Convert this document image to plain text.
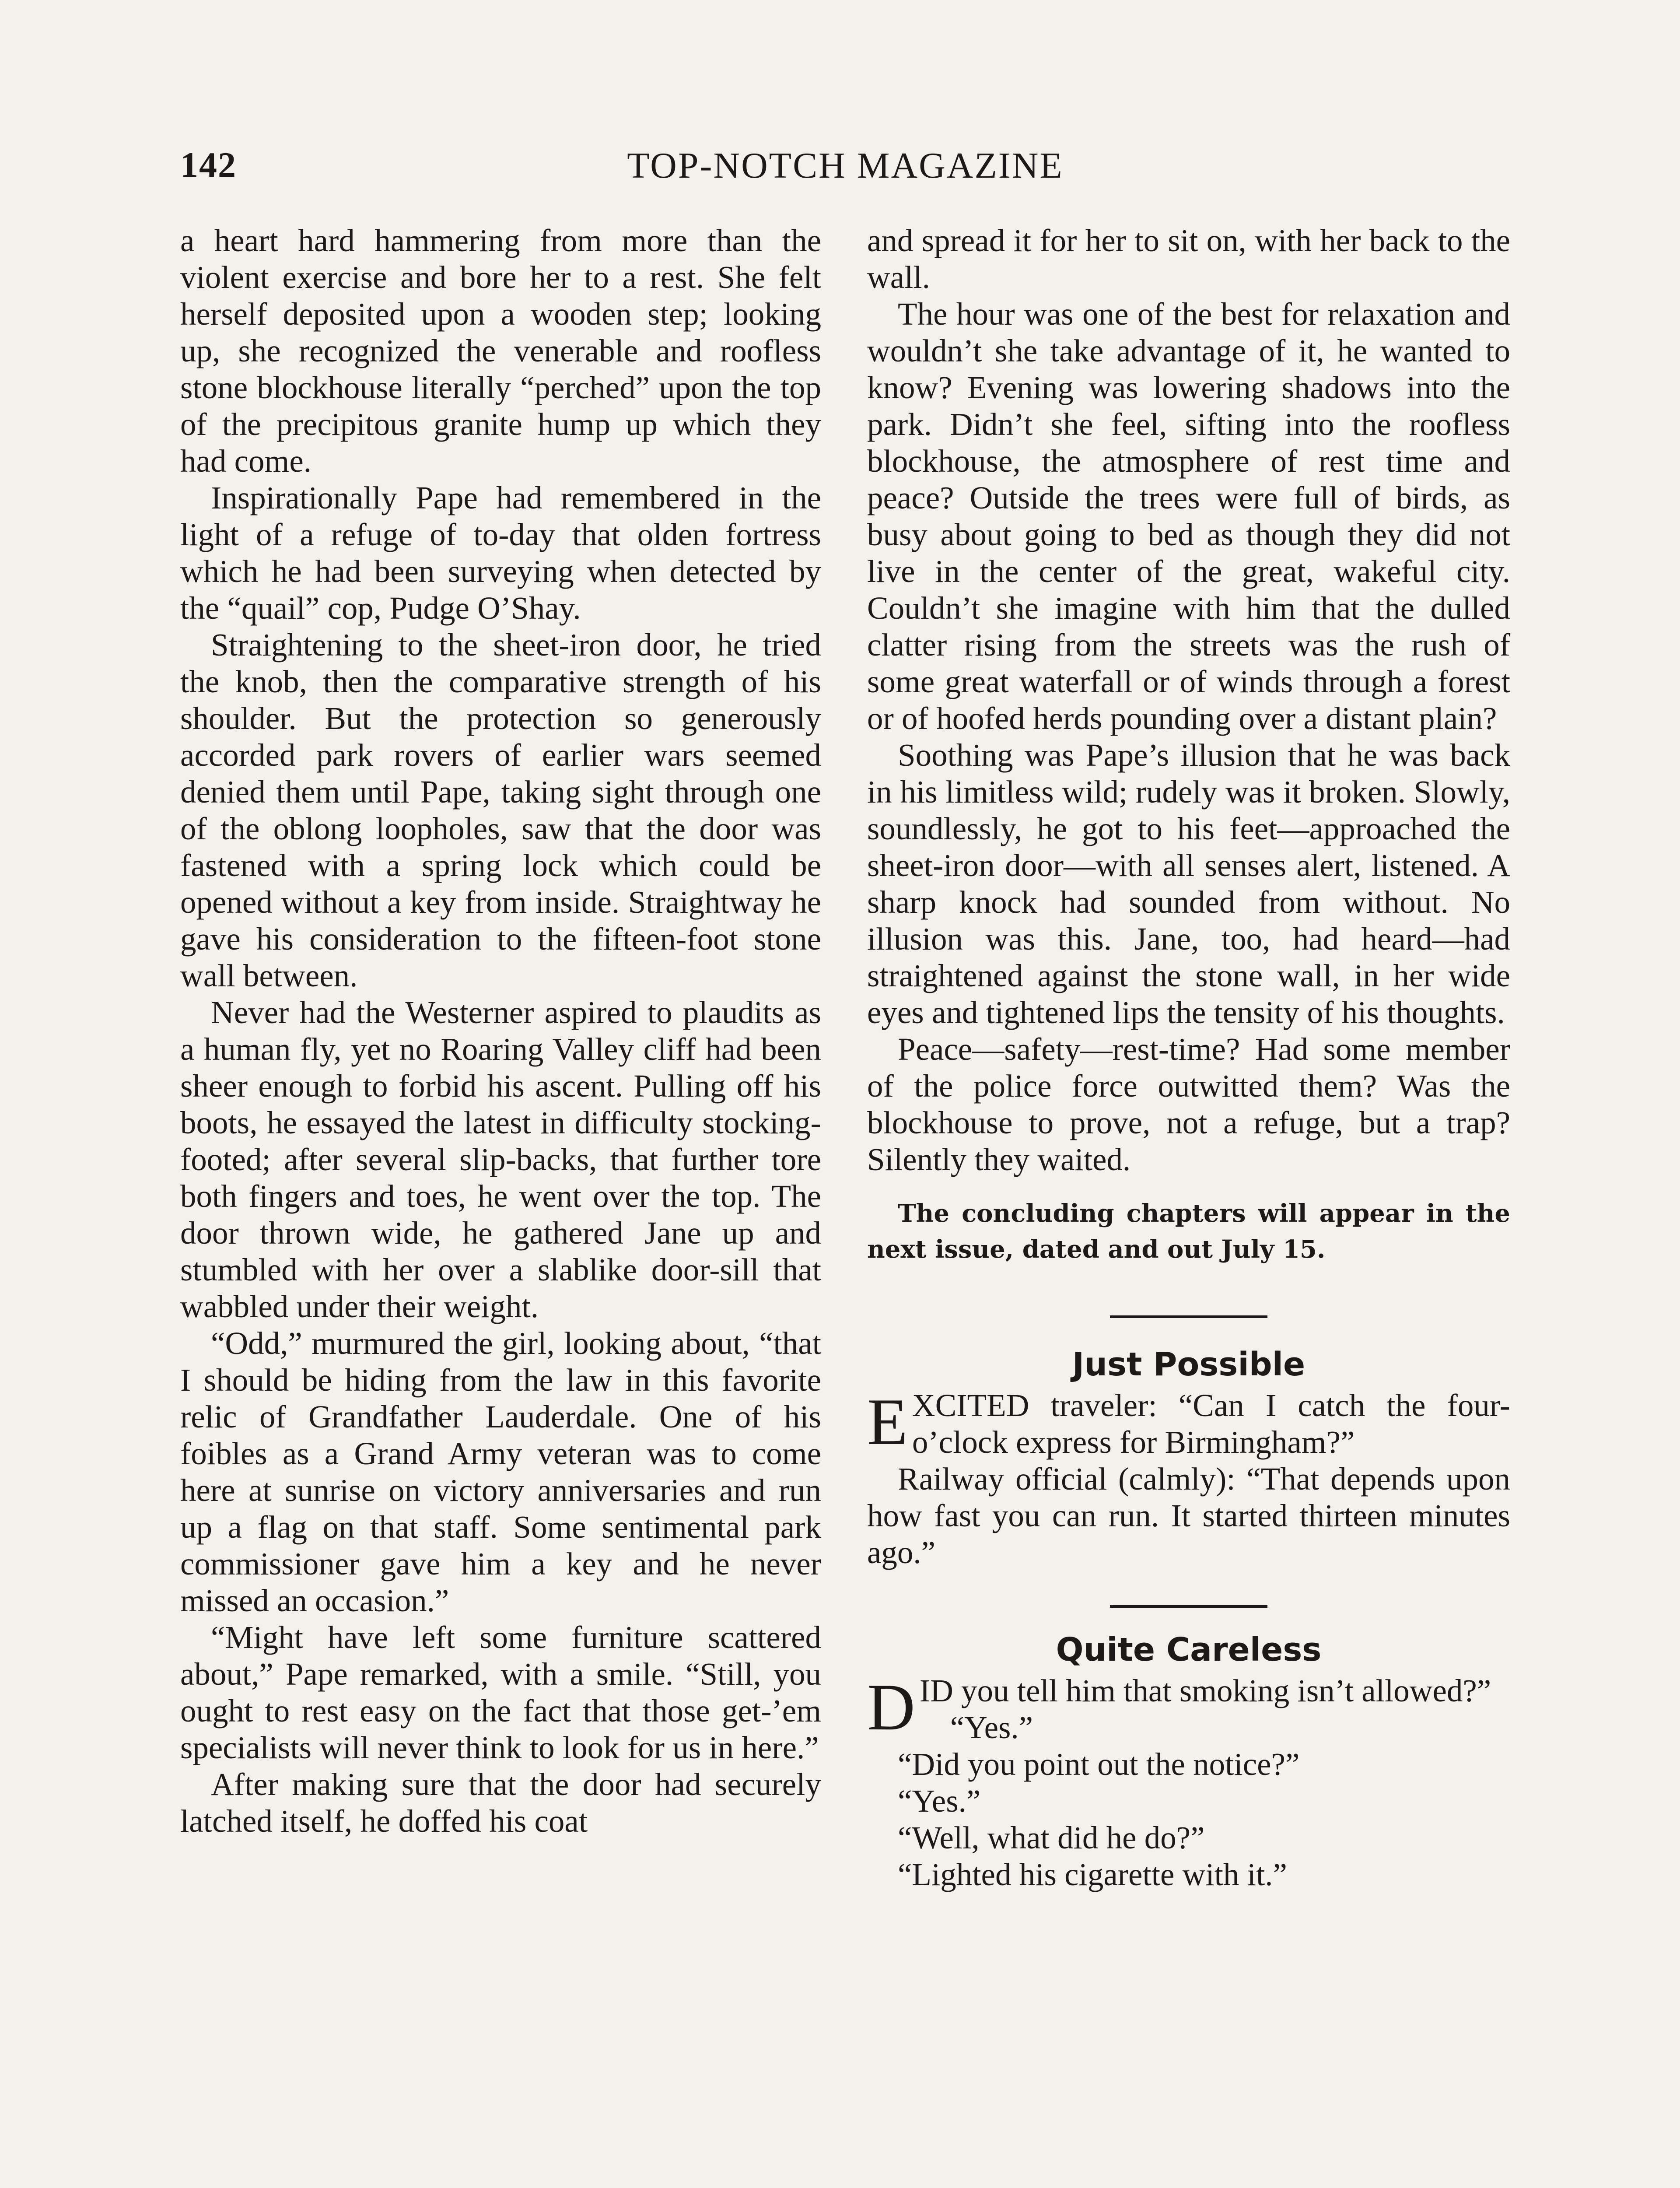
142	TOP-NOTCH MAGAZINE

a heart hard hammering from more than the violent exercise and bore her to a rest. She felt herself deposited upon a wooden step; looking up, she recognized the venerable and roofless stone blockhouse literally “perched” upon the top of the precipitous granite hump up which they had come.

Inspirationally Pape had remembered in the light of a refuge of to-day that olden fortress which he had been surveying when detected by the “quail” cop, Pudge O’Shay.

Straightening to the sheet-iron door, he tried the knob, then the comparative strength of his shoulder. But the protection so generously accorded park rovers of earlier wars seemed denied them until Pape, taking sight through one of the oblong loopholes, saw that the door was fastened with a spring lock which could be opened without a key from inside. Straightway he gave his consideration to the fifteen-foot stone wall between.

Never had the Westerner aspired to plaudits as a human fly, yet no Roaring Valley cliff had been sheer enough to forbid his ascent. Pulling off his boots, he essayed the latest in difficulty stocking-footed; after several slip-backs, that further tore both fingers and toes, he went over the top. The door thrown wide, he gathered Jane up and stumbled with her over a slablike door-sill that wabbled under their weight.

“Odd,” murmured the girl, looking about, “that I should be hiding from the law in this favorite relic of Grandfather Lauderdale. One of his foibles as a Grand Army veteran was to come here at sunrise on victory anniversaries and run up a flag on that staff. Some sentimental park commissioner gave him a key and he never missed an occasion.”

“Might have left some furniture scattered about,” Pape remarked, with a smile. “Still, you ought to rest easy on the fact that those get-’em specialists will never think to look for us in here.”

After making sure that the door had securely latched itself, he doffed his coat

and spread it for her to sit on, with her back to the wall.

The hour was one of the best for relaxation and wouldn’t she take advantage of it, he wanted to know? Evening was lowering shadows into the park. Didn’t she feel, sifting into the roofless blockhouse, the atmosphere of rest time and peace? Outside the trees were full of birds, as busy about going to bed as though they did not live in the center of the great, wakeful city. Couldn’t she imagine with him that the dulled clatter rising from the streets was the rush of some great waterfall or of winds through a forest or of hoofed herds pounding over a distant plain?

Soothing was Pape’s illusion that he was back in his limitless wild; rudely was it broken. Slowly, soundlessly, he got to his feet—approached the sheet-iron door—with all senses alert, listened. A sharp knock had sounded from without. No illusion was this. Jane, too, had heard—had straightened against the stone wall, in her wide eyes and tightened lips the tensity of his thoughts.

Peace—safety—rest-time? Had some member of the police force outwitted them? Was the blockhouse to prove, not a refuge, but a trap? Silently they waited.

The concluding chapters will appear in the next issue, dated and out July 15.

Just Possible

EXCITED traveler: “Can I catch the four-o’clock express for Birmingham?”

Railway official (calmly): “That depends upon how fast you can run. It started thirteen minutes ago.”

Quite Careless

DID you tell him that smoking isn’t allowed?”

“Yes.”

“Did you point out the notice?”

“Yes.”

“Well, what did he do?”

“Lighted his cigarette with it.”
